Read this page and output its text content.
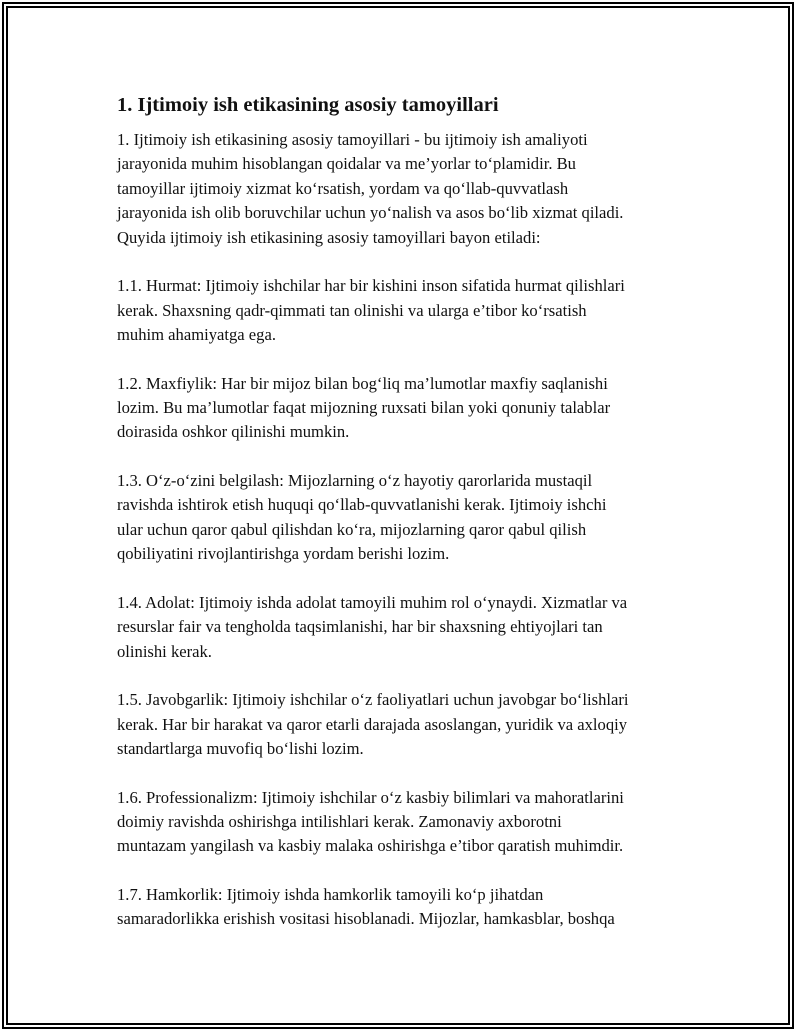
1. Ijtimoiy ish etikasining asosiy tamoyillari

1. Ijtimoiy ish etikasining asosiy tamoyillari - bu ijtimoiy ish amaliyoti
jarayonida muhim hisoblangan qoidalar va me’yorlar to‘plamidir. Bu
tamoyillar ijtimoiy xizmat ko‘rsatish, yordam va qo‘llab-quvvatlash
jarayonida ish olib boruvchilar uchun yo‘nalish va asos bo‘lib xizmat qiladi.
Quyida ijtimoiy ish etikasining asosiy tamoyillari bayon etiladi:

1.1. Hurmat: Ijtimoiy ishchilar har bir kishini inson sifatida hurmat qilishlari
kerak. Shaxsning qadr-qimmati tan olinishi va ularga e’tibor ko‘rsatish
muhim ahamiyatga ega.

1.2. Maxfiylik: Har bir mijoz bilan bog‘liq ma’lumotlar maxfiy saqlanishi
lozim. Bu ma’lumotlar faqat mijozning ruxsati bilan yoki qonuniy talablar
doirasida oshkor qilinishi mumkin.

1.3. O‘z-o‘zini belgilash: Mijozlarning o‘z hayotiy qarorlarida mustaqil
ravishda ishtirok etish huquqi qo‘llab-quvvatlanishi kerak. Ijtimoiy ishchi
ular uchun qaror qabul qilishdan ko‘ra, mijozlarning qaror qabul qilish
qobiliyatini rivojlantirishga yordam berishi lozim.

1.4. Adolat: Ijtimoiy ishda adolat tamoyili muhim rol o‘ynaydi. Xizmatlar va
resurslar fair va tengholda taqsimlanishi, har bir shaxsning ehtiyojlari tan
olinishi kerak.

1.5. Javobgarlik: Ijtimoiy ishchilar o‘z faoliyatlari uchun javobgar bo‘lishlari
kerak. Har bir harakat va qaror etarli darajada asoslangan, yuridik va axloqiy
standartlarga muvofiq bo‘lishi lozim.

1.6. Professionalizm: Ijtimoiy ishchilar o‘z kasbiy bilimlari va mahoratlarini
doimiy ravishda oshirishga intilishlari kerak. Zamonaviy axborotni
muntazam yangilash va kasbiy malaka oshirishga e’tibor qaratish muhimdir.

1.7. Hamkorlik: Ijtimoiy ishda hamkorlik tamoyili ko‘p jihatdan
samaradorlikka erishish vositasi hisoblanadi. Mijozlar, hamkasblar, boshqa
